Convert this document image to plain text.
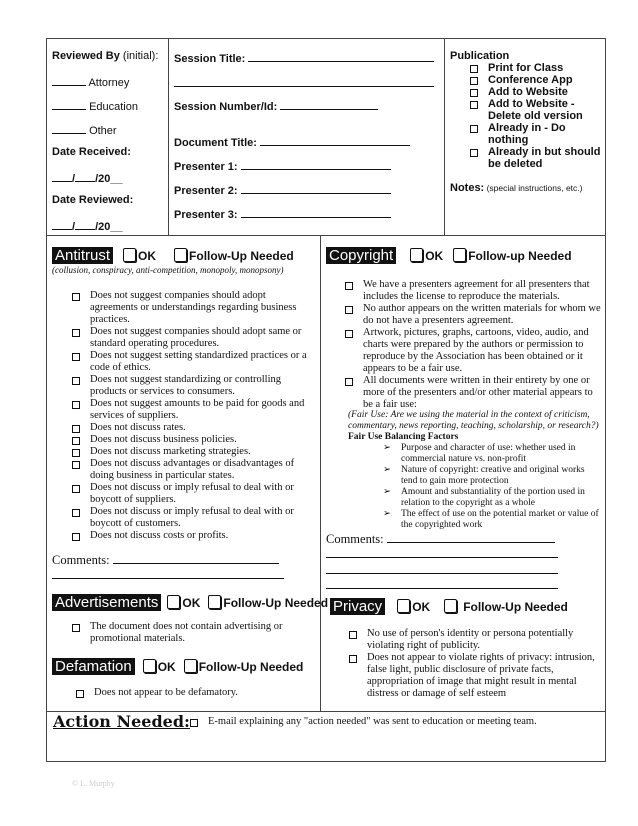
Reviewed By (initial):
Attorney
Education
Other
Date Received:
/ /20__
Date Reviewed:
/ /20__
Session Title:
Session Number/Id:
Document Title:
Presenter 1:
Presenter 2:
Presenter 3:
Publication
Print for Class
Conference App
Add to Website
Add to Website - Delete old version
Already in - Do nothing
Already in but should be deleted
Notes: (special instructions, etc.)
Antitrust OK	Follow-Up Needed
(collusion, conspiracy, anti-competition, monopoly, monopsony)
Does not suggest companies should adopt agreements or understandings regarding business practices.
Does not suggest companies should adopt same or standard operating procedures.
Does not suggest setting standardized practices or a code of ethics.
Does not suggest standardizing or controlling products or services to consumers.
Does not suggest amounts to be paid for goods and services of suppliers.
Does not discuss rates.
Does not discuss business policies.
Does not discuss marketing strategies.
Does not discuss advantages or disadvantages of doing business in particular states.
Does not discuss or imply refusal to deal with or boycott of suppliers.
Does not discuss or imply refusal to deal with or boycott of customers.
Does not discuss costs or profits.
Comments:
Copyright	OK Follow-up Needed
We have a presenters agreement for all presenters that includes the license to reproduce the materials.
No author appears on the written materials for whom we do not have a presenters agreement.
Artwork, pictures, graphs, cartoons, video, audio, and charts were prepared by the authors or permission to reproduce by the Association has been obtained or it appears to be a fair use.
All documents were written in their entirety by one or more of the presenters and/or other material appears to be a fair use:
(Fair Use: Are we using the material in the context of criticism, commentary, news reporting, teaching, scholarship, or research?)
Fair Use Balancing Factors
➢	Purpose and character of use: whether used in commercial nature vs. non-profit
➢	Nature of copyright: creative and original works tend to gain more protection
➢	Amount and substantiality of the portion used in relation to the copyright as a whole
➢	The effect of use on the potential market or value of the copyrighted work
Comments:
Advertisements OK Follow-Up Needed
The document does not contain advertising or promotional materials.
Defamation OK Follow-Up Needed
Does not appear to be defamatory.
Privacy	OK	Follow-Up Needed
No use of person's identity or persona potentially violating right of publicity.
Does not appear to violate rights of privacy: intrusion, false light, public disclosure of private facts, appropriation of image that might result in mental distress or damage of self esteem
Action Needed:	E-mail explaining any "action needed" was sent to education or meeting team.
© L. Murphy
